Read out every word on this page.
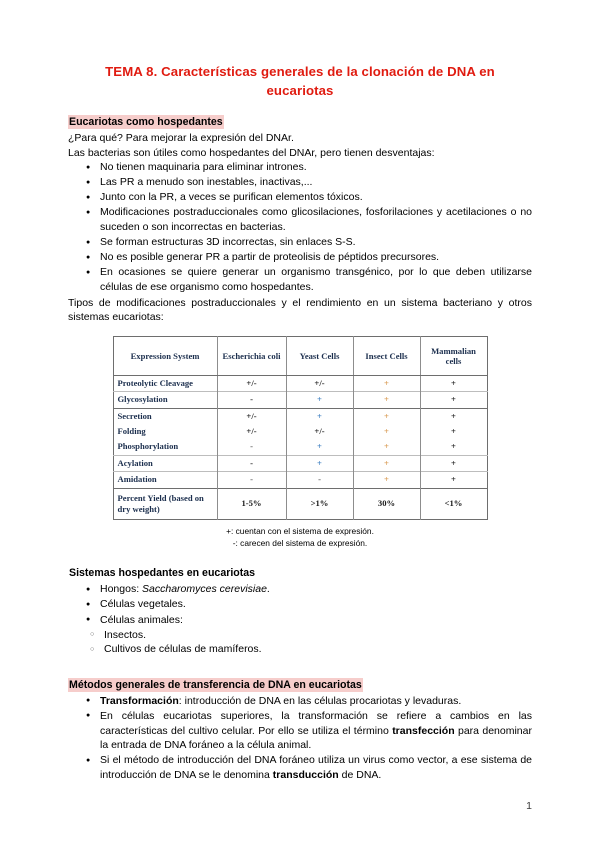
TEMA 8. Características generales de la clonación de DNA en eucariotas
Eucariotas como hospedantes

¿Para qué? Para mejorar la expresión del DNAr.

Las bacterias son útiles como hospedantes del DNAr, pero tienen desventajas:

● No tienen maquinaria para eliminar intrones.
● Las PR a menudo son inestables, inactivas,...
● Junto con la PR, a veces se purifican elementos tóxicos.
● Modificaciones postraduccionales como glicosilaciones, fosforilaciones y acetilaciones o no suceden o son incorrectas en bacterias.
● Se forman estructuras 3D incorrectas, sin enlaces S-S.
● No es posible generar PR a partir de proteolisis de péptidos precursores.
● En ocasiones se quiere generar un organismo transgénico, por lo que deben utilizarse células de ese organismo como hospedantes.

Tipos de modificaciones postraduccionales y el rendimiento en un sistema bacteriano y otros sistemas eucariotas:

Expression System	Escherichia coli	Yeast Cells	Insect Cells	Mammalian cells
Proteolytic Cleavage	+/-	+/-	+	+
Glycosylation	-	+	+	+
Secretion	+/-	+	+	+
Folding	+/-	+/-	+	+
Phosphorylation	-	+	+	+
Acylation	-	+	+	+
Amidation	-	-	+	+
Percent Yield (based on dry weight)	1-5%	>1%	30%	<1%
+: cuentan con el sistema de expresión.
-: carecen del sistema de expresión.
Sistemas hospedantes en eucariotas
● Hongos: Saccharomyces cerevisiae.
● Células vegetales.
● Células animales:
○ Insectos.
○ Cultivos de células de mamíferos.
Métodos generales de transferencia de DNA en eucariotas
● Transformación: introducción de DNA en las células procariotas y levaduras.
● En células eucariotas superiores, la transformación se refiere a cambios en las características del cultivo celular. Por ello se utiliza el término transfección para denominar la entrada de DNA foráneo a la célula animal.
● Si el método de introducción del DNA foráneo utiliza un virus como vector, a ese sistema de introducción de DNA se le denomina transducción de DNA.
1
